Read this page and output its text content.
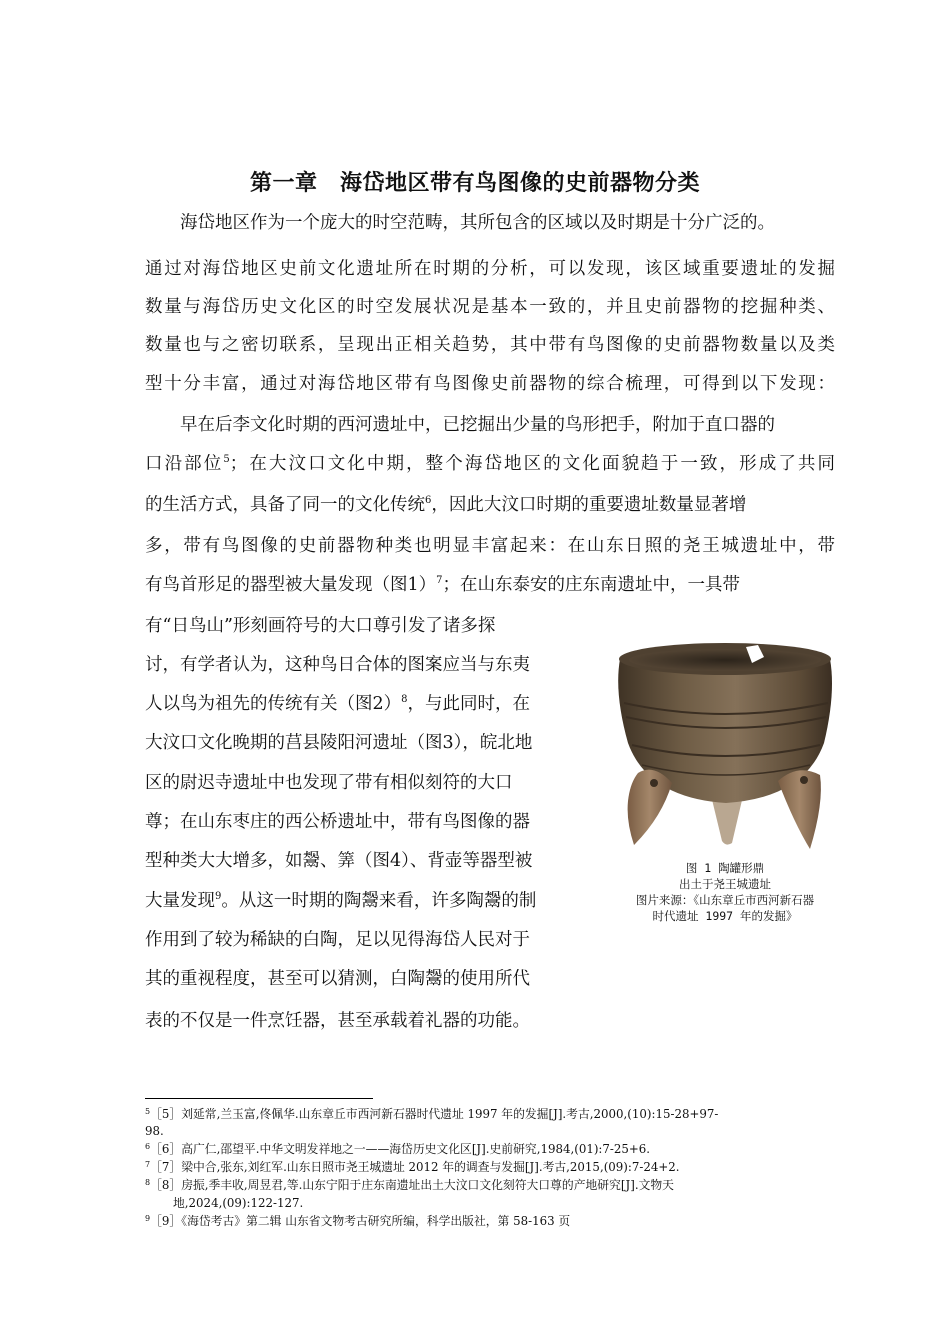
第一章　海岱地区带有鸟图像的史前器物分类
海岱地区作为一个庞大的时空范畴，其所包含的区域以及时期是十分广泛的。
通过对海岱地区史前文化遗址所在时期的分析，可以发现，该区域重要遗址的发掘
数量与海岱历史文化区的时空发展状况是基本一致的，并且史前器物的挖掘种类、
数量也与之密切联系，呈现出正相关趋势，其中带有鸟图像的史前器物数量以及类
型十分丰富，通过对海岱地区带有鸟图像史前器物的综合梳理，可得到以下发现：
早在后李文化时期的西河遗址中，已挖掘出少量的鸟形把手，附加于直口器的
口沿部位$^5$；在大汶口文化中期，整个海岱地区的文化面貌趋于一致，形成了共同
的生活方式，具备了同一的文化传统$^6$，因此大汶口时期的重要遗址数量显著增
多，带有鸟图像的史前器物种类也明显丰富起来：在山东日照的尧王城遗址中，带
有鸟首形足的器型被大量发现（图1）$^7$；在山东泰安的庄东南遗址中，一具带
有“日鸟山”形刻画符号的大口尊引发了诸多探
讨，有学者认为，这种鸟日合体的图案应当与东夷
人以鸟为祖先的传统有关（图2）$^8$，与此同时，在
大汶口文化晚期的莒县陵阳河遗址（图3），皖北地
区的尉迟寺遗址中也发现了带有相似刻符的大口
尊；在山东枣庄的西公桥遗址中，带有鸟图像的器
型种类大大增多，如鬶、筭（图4）、背壶等器型被
大量发现$^9$。从这一时期的陶鬶来看，许多陶鬶的制
作用到了较为稀缺的白陶，足以见得海岱人民对于
其的重视程度，甚至可以猜测，白陶鬶的使用所代
表的不仅是一件烹饪器，甚至承载着礼器的功能。
图 1 陶罐形鼎
出土于尧王城遗址
图片来源：《山东章丘市西河新石器
时代遗址 1997 年的发掘》
$^5$［5］刘延常,兰玉富,佟佩华.山东章丘市西河新石器时代遗址 1997 年的发掘[J].考古,2000,(10):15-28+97-
98.
$^6$［6］高广仁,邵望平.中华文明发祥地之一——海岱历史文化区[J].史前研究,1984,(01):7-25+6.
$^7$［7］梁中合,张东,刘红军.山东日照市尧王城遗址 2012 年的调查与发掘[J].考古,2015,(09):7-24+2.
$^8$［8］房振,季丰收,周昱君,等.山东宁阳于庄东南遗址出土大汶口文化刻符大口尊的产地研究[J].文物天
地,2024,(09):122-127.
$^9$［9］《海岱考古》第二辑 山东省文物考古研究所编，科学出版社，第 58-163 页
